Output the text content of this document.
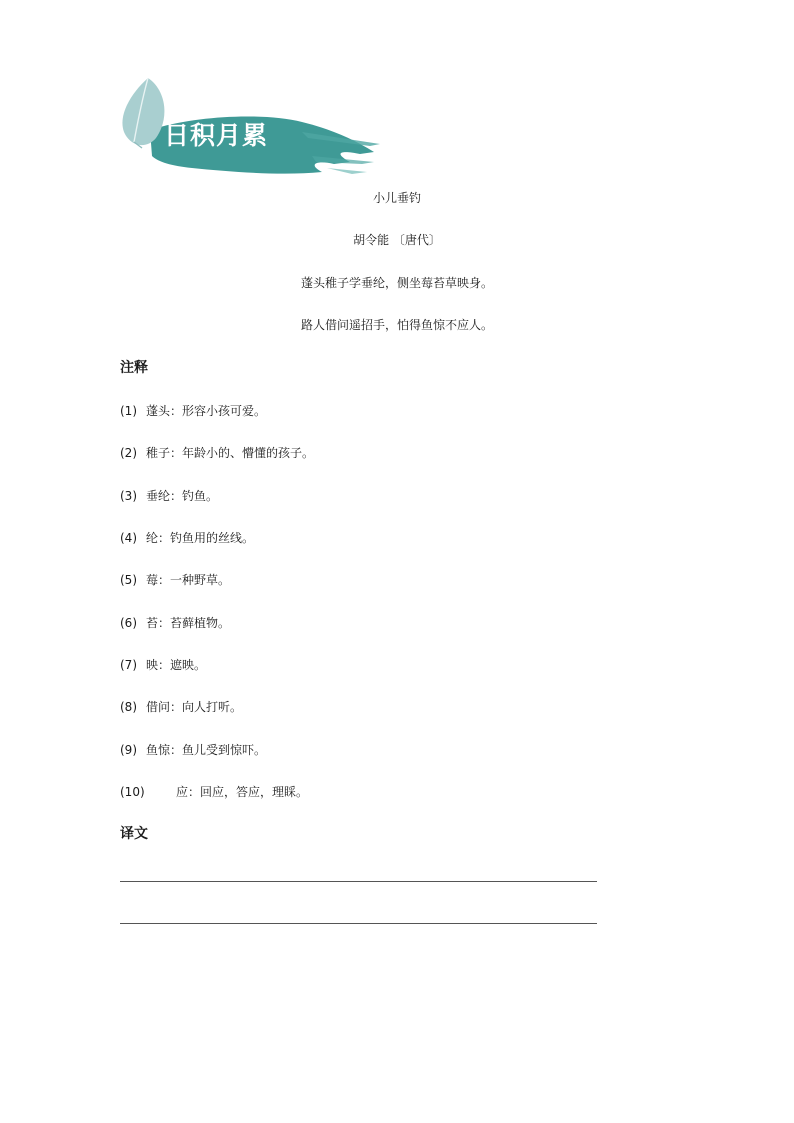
日积月累
小儿垂钓
胡令能 〔唐代〕
蓬头稚子学垂纶，侧坐莓苔草映身。
路人借问遥招手，怕得鱼惊不应人。
注释
(1) 蓬头：形容小孩可爱。
(2) 稚子：年龄小的、懵懂的孩子。
(3) 垂纶：钓鱼。
(4) 纶：钓鱼用的丝线。
(5) 莓：一种野草。
(6) 苔：苔藓植物。
(7) 映：遮映。
(8) 借问：向人打听。
(9) 鱼惊：鱼儿受到惊吓。
(10)	应：回应，答应，理睬。
译文
